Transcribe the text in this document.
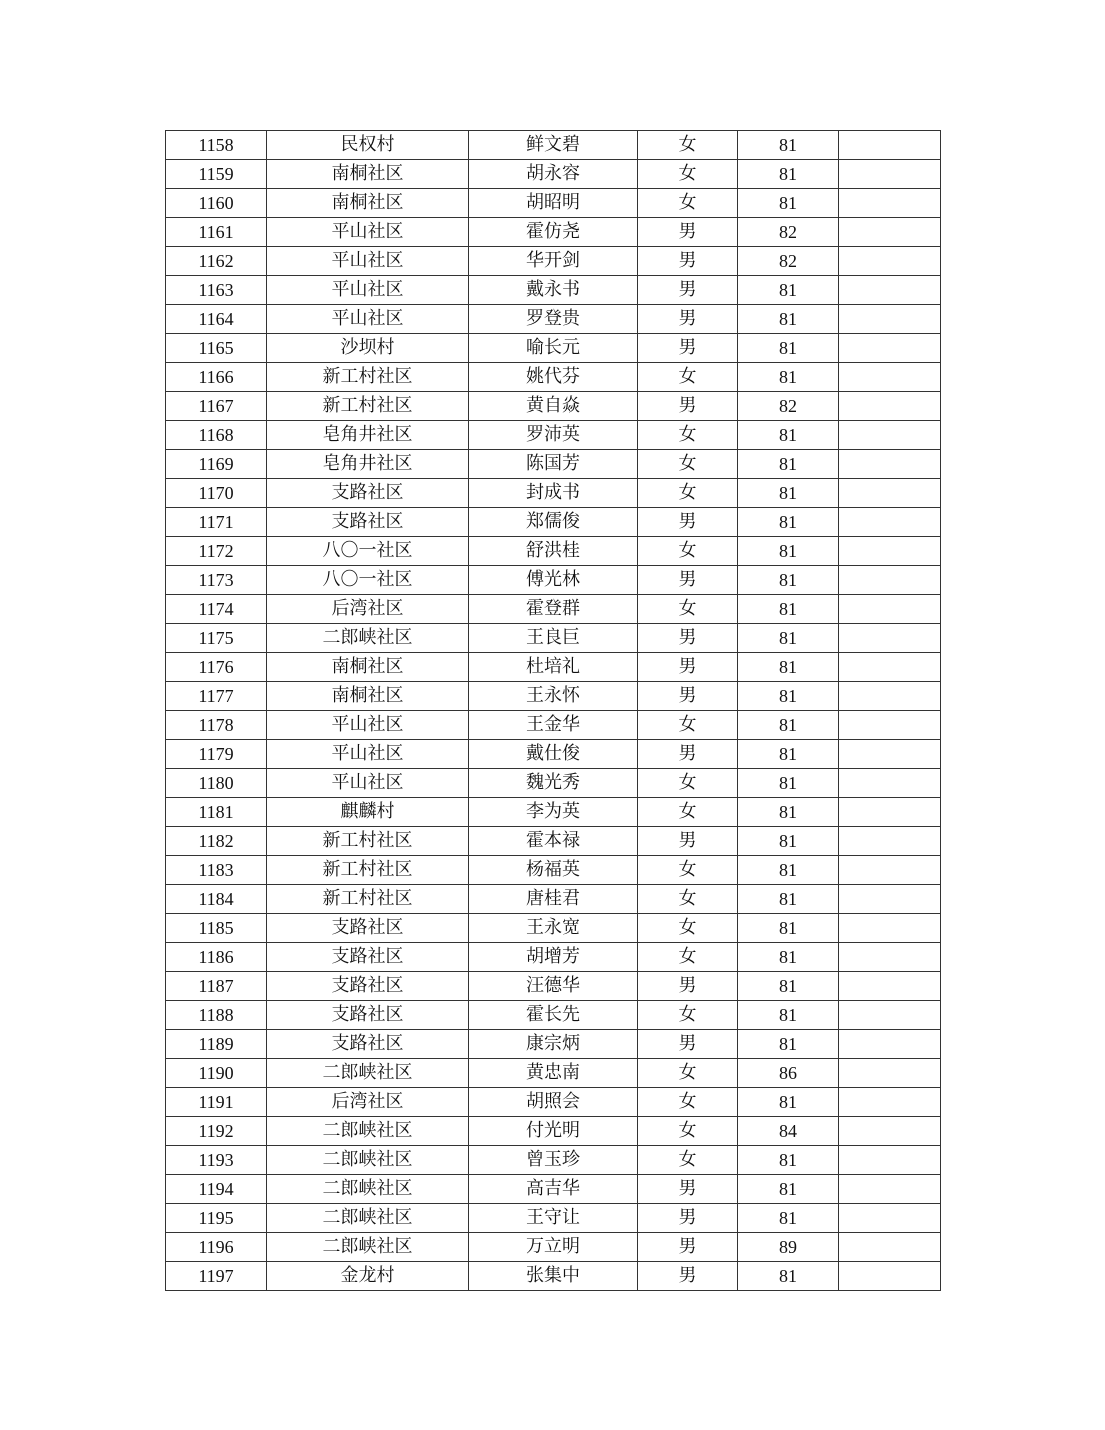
1158	民权村	鲜文碧	女	81	
1159	南桐社区	胡永容	女	81	
1160	南桐社区	胡昭明	女	81	
1161	平山社区	霍仿尧	男	82	
1162	平山社区	华开剑	男	82	
1163	平山社区	戴永书	男	81	
1164	平山社区	罗登贵	男	81	
1165	沙坝村	喻长元	男	81	
1166	新工村社区	姚代芬	女	81	
1167	新工村社区	黄自焱	男	82	
1168	皂角井社区	罗沛英	女	81	
1169	皂角井社区	陈国芳	女	81	
1170	支路社区	封成书	女	81	
1171	支路社区	郑儒俊	男	81	
1172	八〇一社区	舒洪桂	女	81	
1173	八〇一社区	傅光林	男	81	
1174	后湾社区	霍登群	女	81	
1175	二郎峡社区	王良巨	男	81	
1176	南桐社区	杜培礼	男	81	
1177	南桐社区	王永怀	男	81	
1178	平山社区	王金华	女	81	
1179	平山社区	戴仕俊	男	81	
1180	平山社区	魏光秀	女	81	
1181	麒麟村	李为英	女	81	
1182	新工村社区	霍本禄	男	81	
1183	新工村社区	杨福英	女	81	
1184	新工村社区	唐桂君	女	81	
1185	支路社区	王永宽	女	81	
1186	支路社区	胡增芳	女	81	
1187	支路社区	汪德华	男	81	
1188	支路社区	霍长先	女	81	
1189	支路社区	康宗炳	男	81	
1190	二郎峡社区	黄忠南	女	86	
1191	后湾社区	胡照会	女	81	
1192	二郎峡社区	付光明	女	84	
1193	二郎峡社区	曾玉珍	女	81	
1194	二郎峡社区	高吉华	男	81	
1195	二郎峡社区	王守让	男	81	
1196	二郎峡社区	万立明	男	89	
1197	金龙村	张集中	男	81	
